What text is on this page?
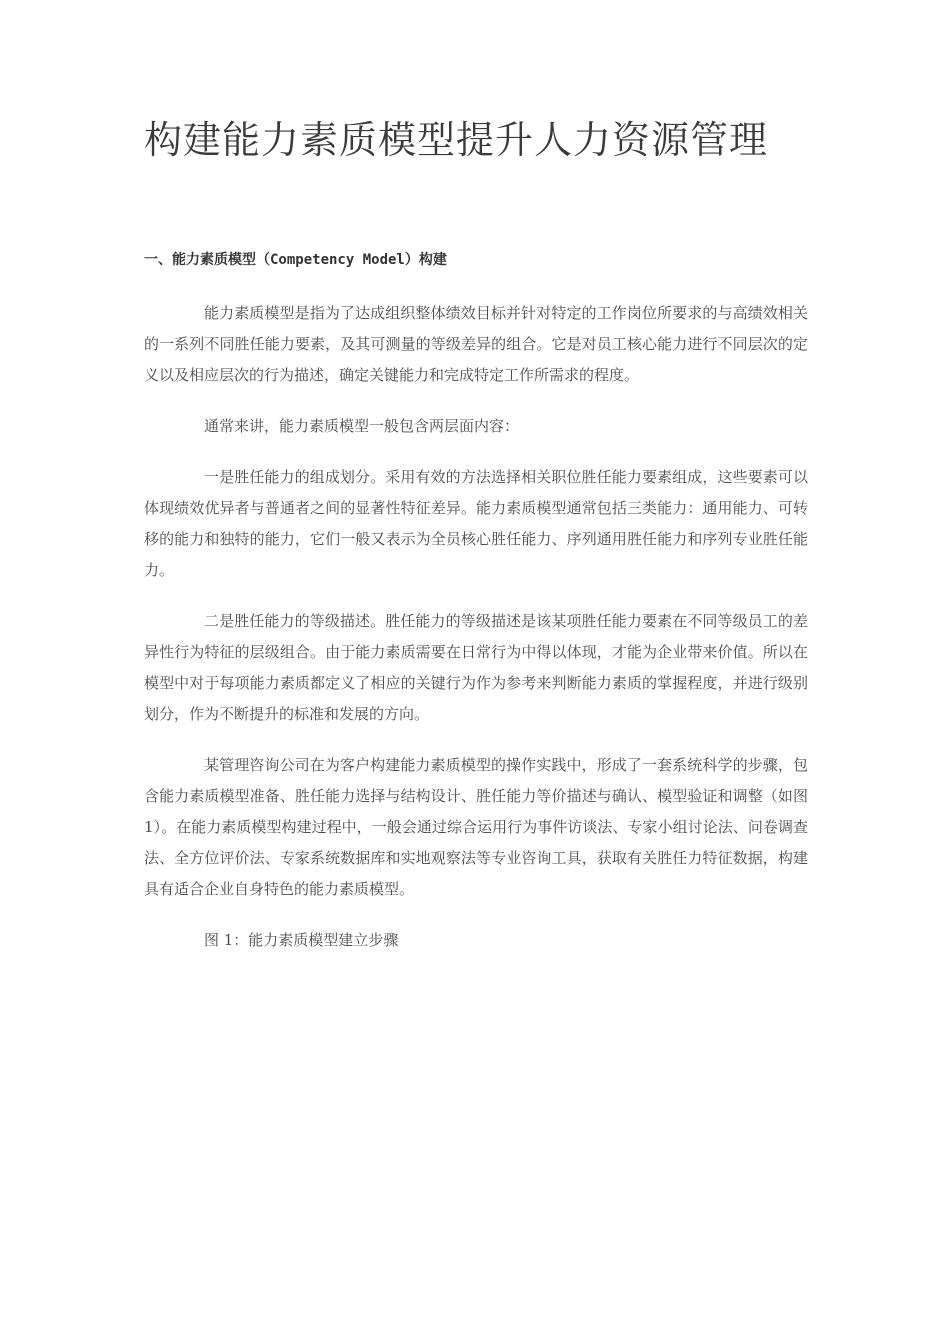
构建能力素质模型提升人力资源管理
一、能力素质模型（Competency Model）构建

能力素质模型是指为了达成组织整体绩效目标并针对特定的工作岗位所要求的与高绩效相关的一系列不同胜任能力要素，及其可测量的等级差异的组合。它是对员工核心能力进行不同层次的定义以及相应层次的行为描述，确定关键能力和完成特定工作所需求的程度。

通常来讲，能力素质模型一般包含两层面内容：

一是胜任能力的组成划分。采用有效的方法选择相关职位胜任能力要素组成，这些要素可以体现绩效优异者与普通者之间的显著性特征差异。能力素质模型通常包括三类能力：通用能力、可转移的能力和独特的能力，它们一般又表示为全员核心胜任能力、序列通用胜任能力和序列专业胜任能力。

二是胜任能力的等级描述。胜任能力的等级描述是该某项胜任能力要素在不同等级员工的差异性行为特征的层级组合。由于能力素质需要在日常行为中得以体现，才能为企业带来价值。所以在模型中对于每项能力素质都定义了相应的关键行为作为参考来判断能力素质的掌握程度，并进行级别划分，作为不断提升的标准和发展的方向。

某管理咨询公司在为客户构建能力素质模型的操作实践中，形成了一套系统科学的步骤，包含能力素质模型准备、胜任能力选择与结构设计、胜任能力等价描述与确认、模型验证和调整（如图 1）。在能力素质模型构建过程中，一般会通过综合运用行为事件访谈法、专家小组讨论法、问卷调查法、全方位评价法、专家系统数据库和实地观察法等专业咨询工具，获取有关胜任力特征数据，构建具有适合企业自身特色的能力素质模型。

图 1：能力素质模型建立步骤
